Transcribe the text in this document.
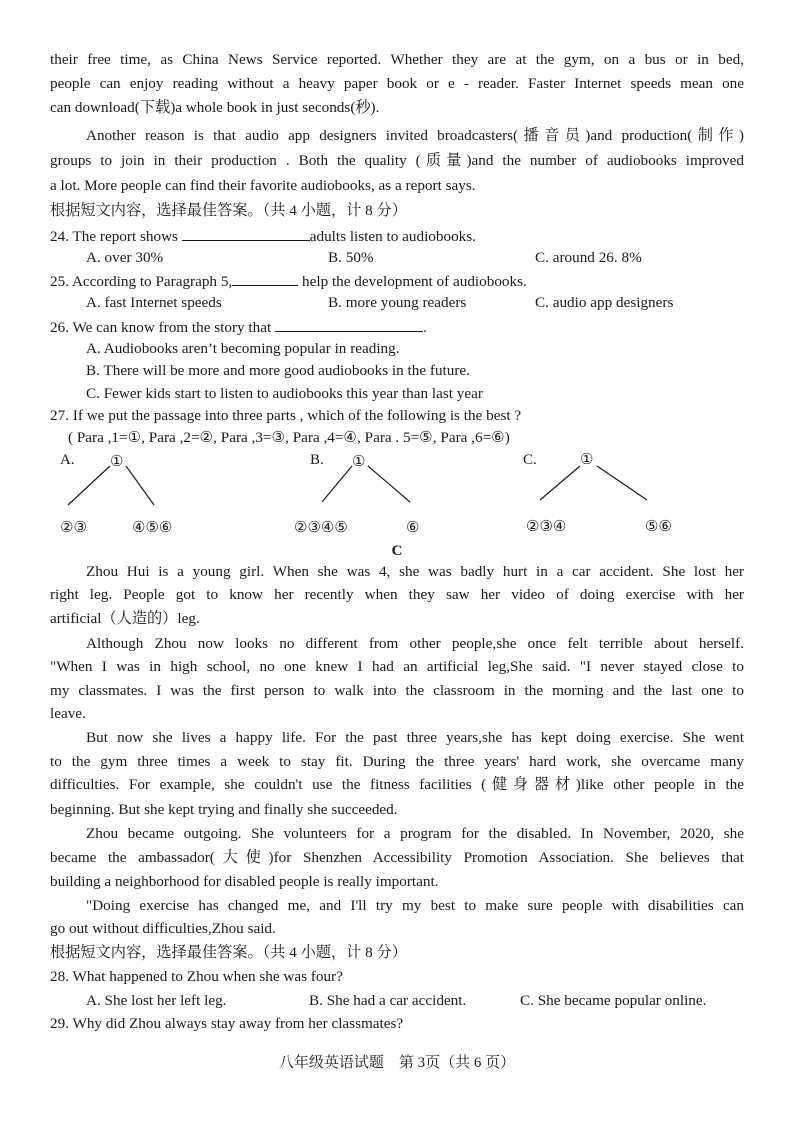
their free time, as China News Service reported. Whether they are at the gym, on a bus or in bed,
people can enjoy reading without a heavy paper book or e - reader. Faster Internet speeds mean one
can download(下载)a whole book in just seconds(秒).
Another reason is that audio app designers invited broadcasters(播音员)and production(制作)
groups to join in their production . Both the quality (质量)and the number of audiobooks improved
a lot. More people can find their favorite audiobooks, as a report says.
根据短文内容，选择最佳答案。（共 4 小题，计 8 分）
24. The report shows	adults listen to audiobooks.
A. over 30%	B. 50%	C. around 26. 8%
25. According to Paragraph 5,	help the development of audiobooks.
A. fast Internet speeds	B. more young readers	C. audio app designers
26. We can know from the story that	.
A. Audiobooks aren’t becoming popular in reading.
B. There will be more and more good audiobooks in the future.
C. Fewer kids start to listen to audiobooks this year than last year
27. If we put the passage into three parts , which of the following is the best ?
( Para ,1=①, Para ,2=②, Para ,3=③, Para ,4=④, Para . 5=⑤, Para ,6=⑥)
A. ①
②③	④⑤⑥
B. ①
②③④⑤	⑥
C.	①
②③④	⑤⑥
C
Zhou Hui is a young girl. When she was 4, she was badly hurt in a car accident. She lost her
right leg. People got to know her recently when they saw her video of doing exercise with her
artificial（人造的）leg.
Although Zhou now looks no different from other people,she once felt terrible about herself.
"When I was in high school, no one knew I had an artificial leg,She said. "I never stayed close to
my classmates. I was the first person to walk into the classroom in the morning and the last one to
leave.
But now she lives a happy life. For the past three years,she has kept doing exercise. She went
to the gym three times a week to stay fit. During the three years' hard work, she overcame many
difficulties. For example, she couldn't use the fitness facilities (健身器材)like other people in the
beginning. But she kept trying and finally she succeeded.
Zhou became outgoing. She volunteers for a program for the disabled. In November, 2020, she
became the ambassador(大使)for Shenzhen Accessibility Promotion Association. She believes that
building a neighborhood for disabled people is really important.
"Doing exercise has changed me, and I'll try my best to make sure people with disabilities can
go out without difficulties,Zhou said.
根据短文内容，选择最佳答案。（共 4 小题，计 8 分）
28. What happened to Zhou when she was four?
A. She lost her left leg.	B. She had a car accident.	C. She became popular online.
29. Why did Zhou always stay away from her classmates?
八年级英语试题    第 3页（共 6 页）
